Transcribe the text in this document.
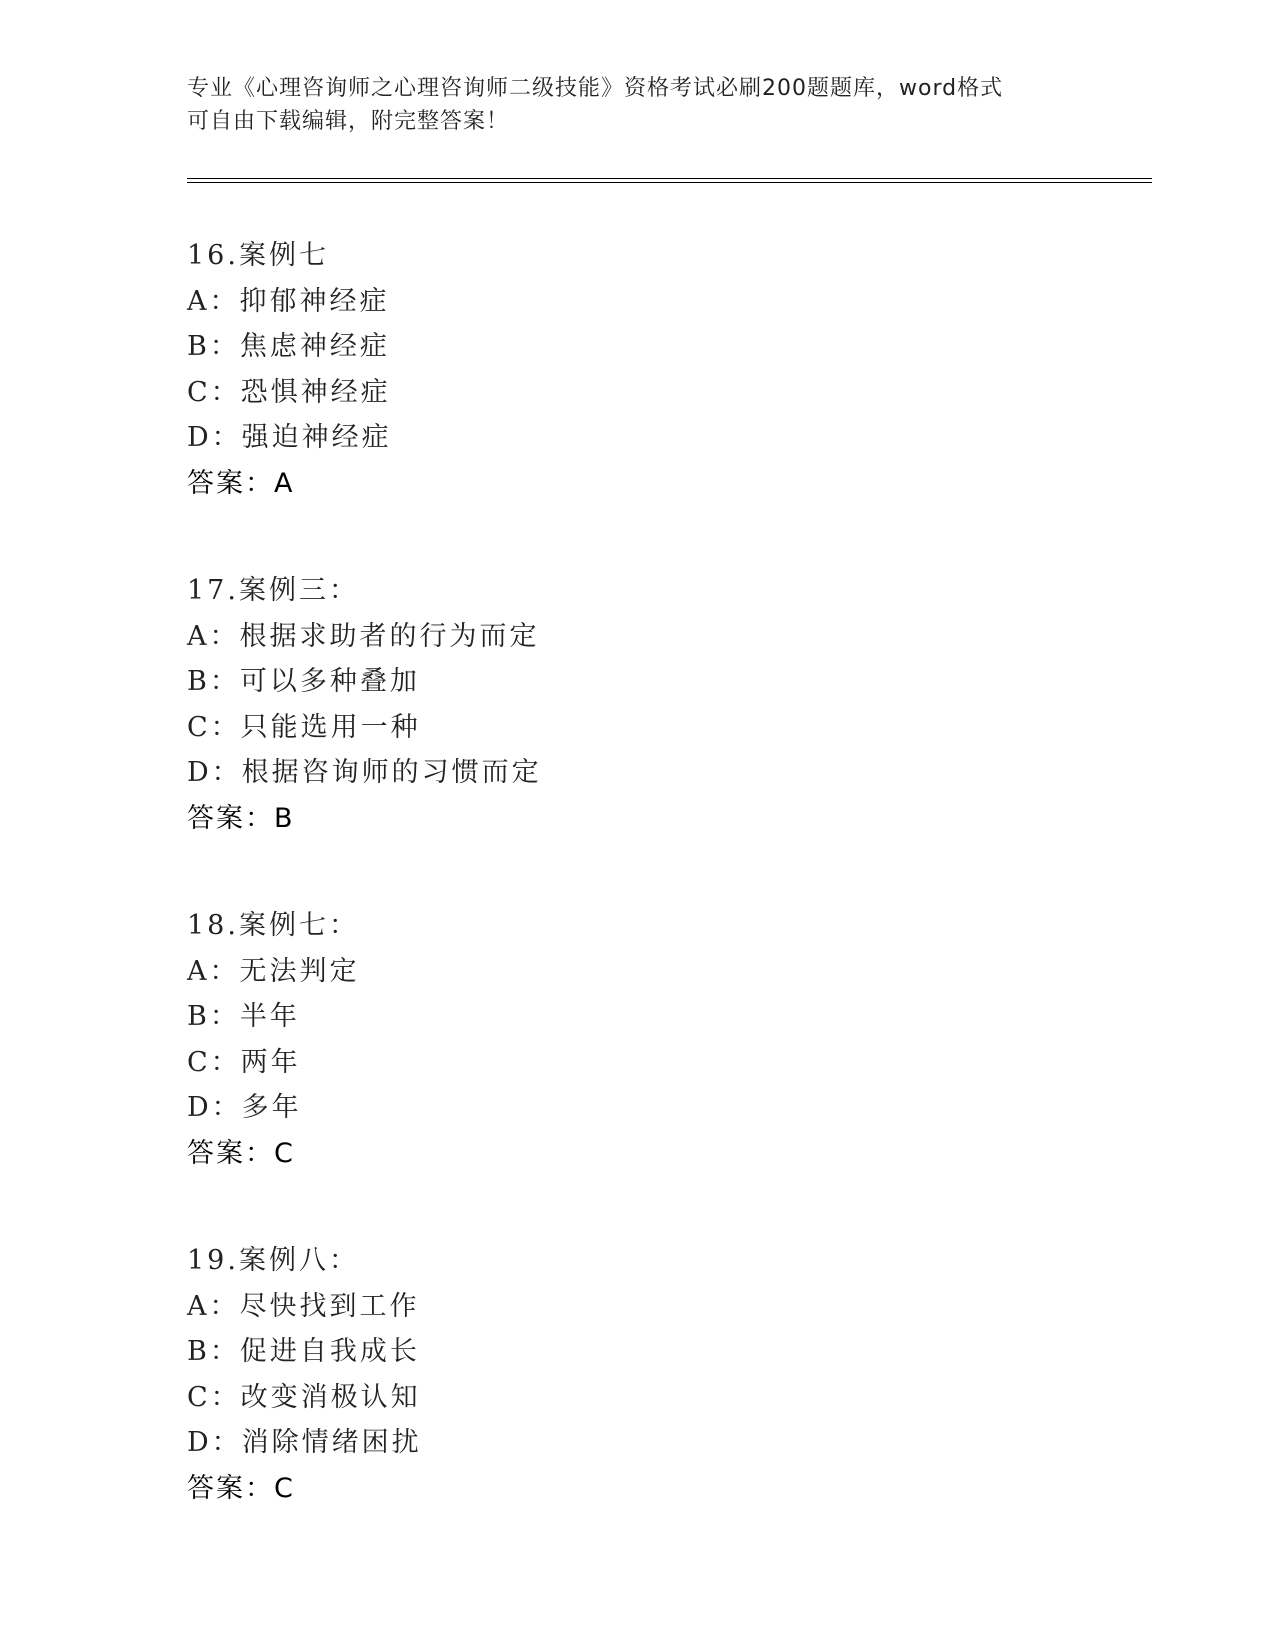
专业《心理咨询师之心理咨询师二级技能》资格考试必刷200题题库，word格式
可自由下载编辑，附完整答案！
16.案例七
A：抑郁神经症
B：焦虑神经症
C：恐惧神经症
D：强迫神经症
答案：A
17.案例三：
A：根据求助者的行为而定
B：可以多种叠加
C：只能选用一种
D：根据咨询师的习惯而定
答案：B
18.案例七：
A：无法判定
B：半年
C：两年
D：多年
答案：C
19.案例八：
A：尽快找到工作
B：促进自我成长
C：改变消极认知
D：消除情绪困扰
答案：C
